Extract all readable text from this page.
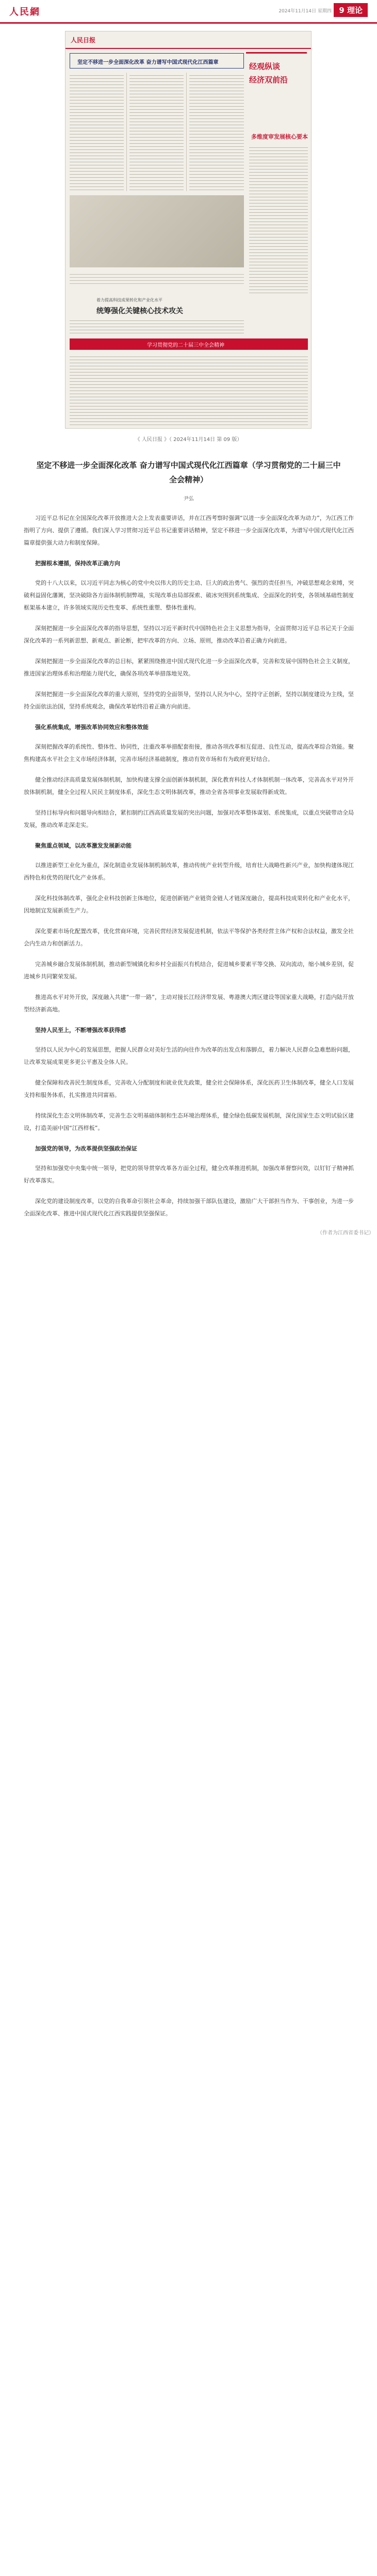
人民網	2024年11月14日 星期四 9 理论
人民日报
坚定不移进一步全面深化改革 奋力谱写中国式现代化江西篇章	经观纵谈
经济双前沿
多维度审发展核心要本
着力提高科技成果转化和产业化水平
统筹强化关键核心技术攻关
学习贯彻党的二十届三中全会精神
《 人民日报 》（ 2024年11月14日 第 09 版）
坚定不移进一步全面深化改革 奋力谱写中国式现代化江西篇章（学习贯彻党的二十届三中全会精神）
尹弘

习近平总书记在全国深化改革开放推进大会上发表重要讲话，并在江西考察时强调“以进一步全面深化改革为动力”，为江西工作指明了方向、提供了遵循。我们深入学习贯彻习近平总书记重要讲话精神，坚定不移进一步全面深化改革，为谱写中国式现代化江西篇章提供强大动力和制度保障。

把握根本遵循，保持改革正确方向

党的十八大以来，以习近平同志为核心的党中央以伟大的历史主动、巨大的政治勇气、强烈的责任担当，冲破思想观念束缚，突破利益固化藩篱，坚决破除各方面体制机制弊端，实现改革由局部探索、破冰突围到系统集成、全面深化的转变，各领域基础性制度框架基本建立，许多领域实现历史性变革、系统性重塑、整体性重构。

深刻把握进一步全面深化改革的指导思想，坚持以习近平新时代中国特色社会主义思想为指导，全面贯彻习近平总书记关于全面深化改革的一系列新思想、新观点、新论断，把牢改革的方向、立场、原则，推动改革沿着正确方向前进。

深刻把握进一步全面深化改革的总目标，紧紧围绕推进中国式现代化进一步全面深化改革，完善和发展中国特色社会主义制度，推进国家治理体系和治理能力现代化，确保各项改革举措落地见效。

深刻把握进一步全面深化改革的重大原则，坚持党的全面领导，坚持以人民为中心，坚持守正创新，坚持以制度建设为主线，坚持全面依法治国，坚持系统观念，确保改革始终沿着正确方向前进。

强化系统集成，增强改革协同效应和整体效能

深刻把握改革的系统性、整体性、协同性，注重改革举措配套衔接，推动各项改革相互促进、良性互动，提高改革综合效能。聚焦构建高水平社会主义市场经济体制，完善市场经济基础制度，推动有效市场和有为政府更好结合。

健全推动经济高质量发展体制机制，加快构建支撑全面创新体制机制，深化教育科技人才体制机制一体改革，完善高水平对外开放体制机制，健全全过程人民民主制度体系，深化生态文明体制改革，推动全省各项事业发展取得新成效。

坚持目标导向和问题导向相结合，紧扣制约江西高质量发展的突出问题，加强对改革整体谋划、系统集成，以重点突破带动全局发展，推动改革走深走实。

聚焦重点领域，以改革激发发展新动能

以推进新型工业化为重点，深化制造业发展体制机制改革，推动传统产业转型升级，培育壮大战略性新兴产业，加快构建体现江西特色和优势的现代化产业体系。

深化科技体制改革，强化企业科技创新主体地位，促进创新链产业链资金链人才链深度融合，提高科技成果转化和产业化水平，因地制宜发展新质生产力。

深化要素市场化配置改革，优化营商环境，完善民营经济发展促进机制，依法平等保护各类经营主体产权和合法权益，激发全社会内生动力和创新活力。

完善城乡融合发展体制机制，推动新型城镇化和乡村全面振兴有机结合，促进城乡要素平等交换、双向流动，缩小城乡差别，促进城乡共同繁荣发展。

推进高水平对外开放，深度融入共建“一带一路”，主动对接长江经济带发展、粤港澳大湾区建设等国家重大战略，打造内陆开放型经济新高地。

坚持人民至上，不断增强改革获得感

坚持以人民为中心的发展思想，把握人民群众对美好生活的向往作为改革的出发点和落脚点，着力解决人民群众急难愁盼问题，让改革发展成果更多更公平惠及全体人民。

健全保障和改善民生制度体系，完善收入分配制度和就业优先政策，健全社会保障体系，深化医药卫生体制改革，健全人口发展支持和服务体系，扎实推进共同富裕。

持续深化生态文明体制改革，完善生态文明基础体制和生态环境治理体系，健全绿色低碳发展机制，深化国家生态文明试验区建设，打造美丽中国“江西样板”。

加强党的领导，为改革提供坚强政治保证

坚持和加强党中央集中统一领导，把党的领导贯穿改革各方面全过程，健全改革推进机制，加强改革督察问效，以钉钉子精神抓好改革落实。

深化党的建设制度改革，以党的自我革命引领社会革命，持续加强干部队伍建设，激励广大干部担当作为、干事创业，为进一步全面深化改革、推进中国式现代化江西实践提供坚强保证。

（作者为江西省委书记）
